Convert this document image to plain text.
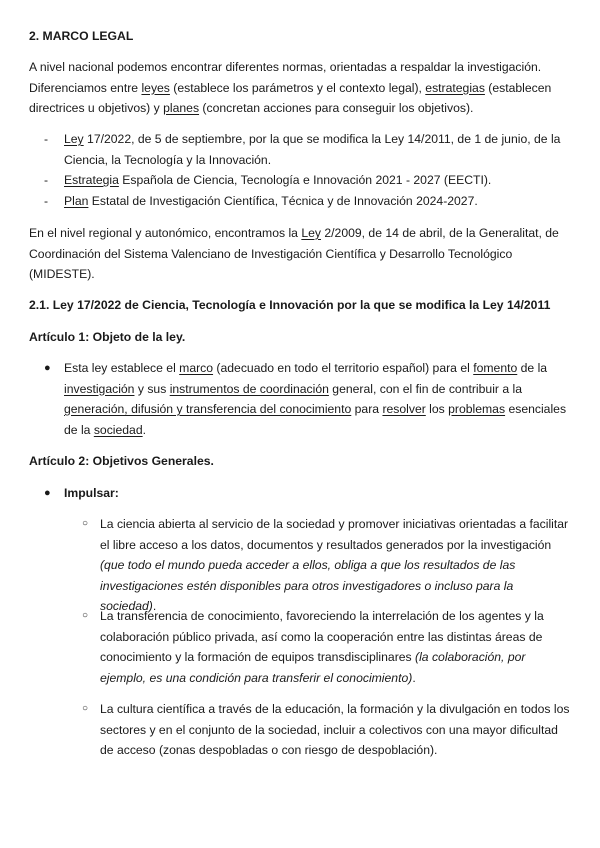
2. MARCO LEGAL

A nivel nacional podemos encontrar diferentes normas, orientadas a respaldar la investigación. Diferenciamos entre leyes (establece los parámetros y el contexto legal), estrategias (establecen directrices u objetivos) y planes (concretan acciones para conseguir los objetivos).

- Ley 17/2022, de 5 de septiembre, por la que se modifica la Ley 14/2011, de 1 de junio, de la Ciencia, la Tecnología y la Innovación.
- Estrategia Española de Ciencia, Tecnología e Innovación 2021 - 2027 (EECTI).
- Plan Estatal de Investigación Científica, Técnica y de Innovación 2024-2027.

En el nivel regional y autonómico, encontramos la Ley 2/2009, de 14 de abril, de la Generalitat, de Coordinación del Sistema Valenciano de Investigación Científica y Desarrollo Tecnológico (MIDESTE).

2.1. Ley 17/2022 de Ciencia, Tecnología e Innovación por la que se modifica la Ley 14/2011
Artículo 1: Objeto de la ley.
● Esta ley establece el marco (adecuado en todo el territorio español) para el fomento de la investigación y sus instrumentos de coordinación general, con el fin de contribuir a la generación, difusión y transferencia del conocimiento para resolver los problemas esenciales de la sociedad.
Artículo 2: Objetivos Generales.
● Impulsar:
○ La ciencia abierta al servicio de la sociedad y promover iniciativas orientadas a facilitar el libre acceso a los datos, documentos y resultados generados por la investigación (que todo el mundo pueda acceder a ellos, obliga a que los resultados de las investigaciones estén disponibles para otros investigadores o incluso para la sociedad).
○ La transferencia de conocimiento, favoreciendo la interrelación de los agentes y la colaboración público privada, así como la cooperación entre las distintas áreas de conocimiento y la formación de equipos transdisciplinares (la colaboración, por ejemplo, es una condición para transferir el conocimiento).
○ La cultura científica a través de la educación, la formación y la divulgación en todos los sectores y en el conjunto de la sociedad, incluir a colectivos con una mayor dificultad de acceso (zonas despobladas o con riesgo de despoblación).
